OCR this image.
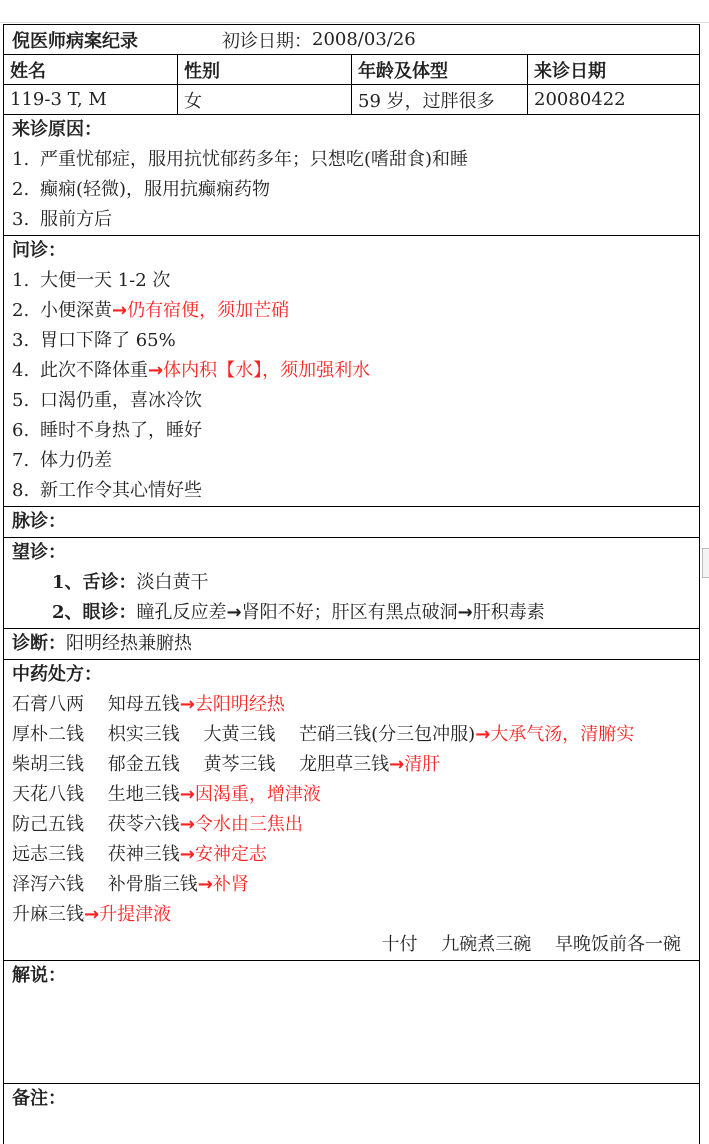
倪医师病案纪录	初诊日期： 2008/03/26
姓名	性别	年龄及体型	来诊日期
119-3 T, M	女	59 岁，过胖很多	20080422
来诊原因：
1. 严重忧郁症，服用抗忧郁药多年；只想吃(嗜甜食)和睡
2. 癫痫(轻微)，服用抗癫痫药物
3. 服前方后
问诊：
1. 大便一天 1-2 次
2. 小便深黄→仍有宿便，须加芒硝
3. 胃口下降了 65%
4. 此次不降体重→体内积【水】，须加强利水
5. 口渴仍重，喜冰冷饮
6. 睡时不身热了，睡好
7. 体力仍差
8. 新工作令其心情好些
脉诊：
望诊：
1、舌诊：淡白黄干
2、眼诊：瞳孔反应差→肾阳不好；肝区有黑点破洞→肝积毒素
诊断：阳明经热兼腑热
中药处方：
石膏八两　 知母五钱→去阳明经热
厚朴二钱　 枳实三钱　 大黄三钱　 芒硝三钱(分三包冲服)→大承气汤，清腑实
柴胡三钱　 郁金五钱　 黄芩三钱　 龙胆草三钱→清肝
天花八钱　 生地三钱→因渴重，增津液
防己五钱　 茯苓六钱→令水由三焦出
远志三钱　 茯神三钱→安神定志
泽泻六钱　 补骨脂三钱→补肾
升麻三钱→升提津液
十付　 九碗煮三碗　 早晚饭前各一碗
解说：
备注：
